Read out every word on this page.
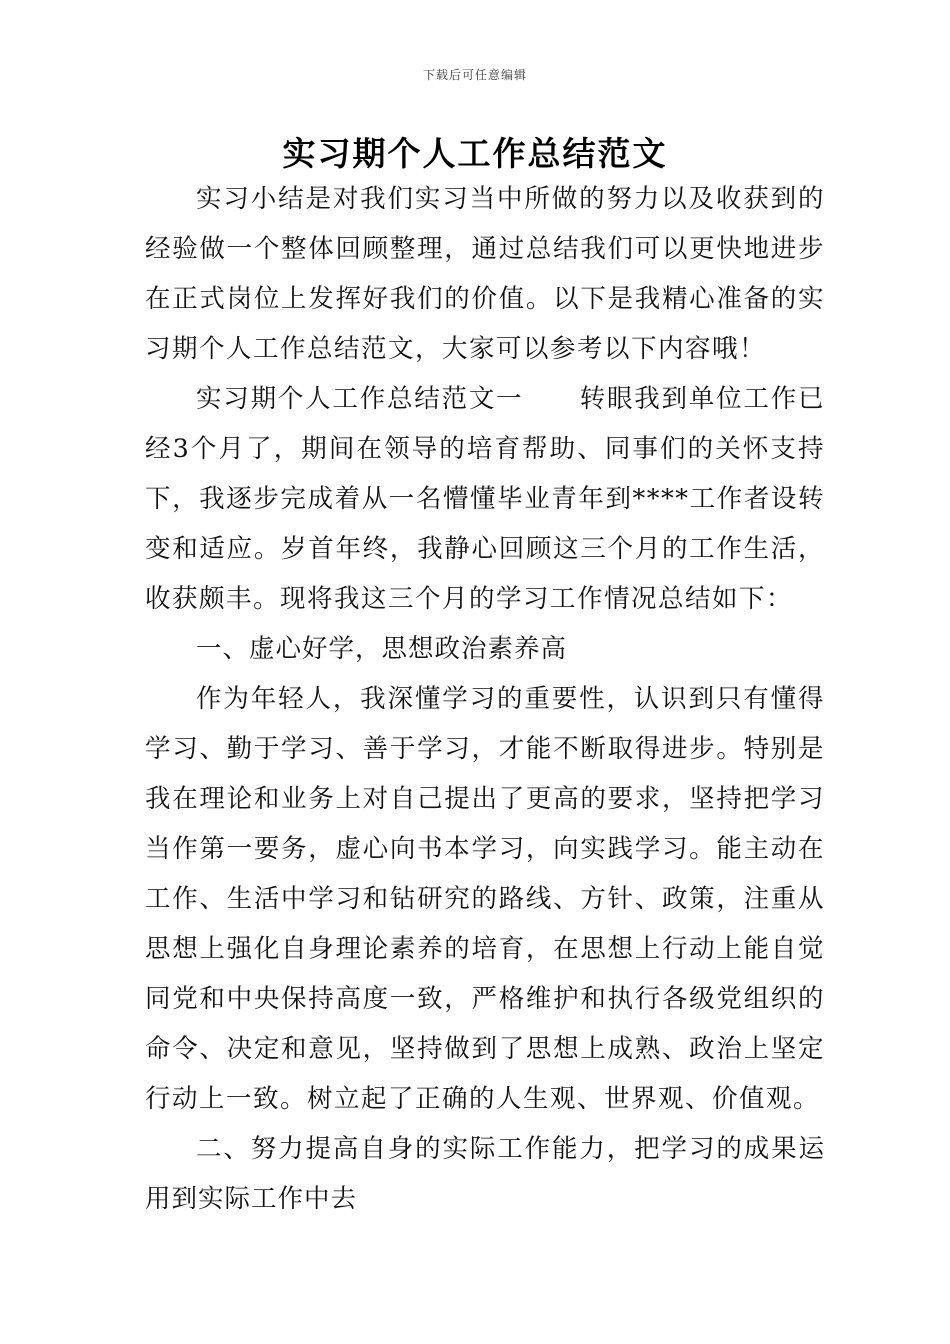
下载后可任意编辑
实习期个人工作总结范文

实习小结是对我们实习当中所做的努力以及收获到的经验做一个整体回顾整理，通过总结我们可以更快地进步在正式岗位上发挥好我们的价值。以下是我精心准备的实习期个人工作总结范文，大家可以参考以下内容哦！

实习期个人工作总结范文一 转眼我到单位工作已经3个月了，期间在领导的培育帮助、同事们的关怀支持下，我逐步完成着从一名懵懂毕业青年到****工作者设转变和适应。岁首年终，我静心回顾这三个月的工作生活，收获颇丰。现将我这三个月的学习工作情况总结如下：

一、虚心好学，思想政治素养高

作为年轻人，我深懂学习的重要性，认识到只有懂得学习、勤于学习、善于学习，才能不断取得进步。特别是我在理论和业务上对自己提出了更高的要求，坚持把学习当作第一要务，虚心向书本学习，向实践学习。能主动在工作、生活中学习和钻研究的路线、方针、政策，注重从思想上强化自身理论素养的培育，在思想上行动上能自觉同党和中央保持高度一致，严格维护和执行各级党组织的命令、决定和意见，坚持做到了思想上成熟、政治上坚定行动上一致。树立起了正确的人生观、世界观、价值观。

二、努力提高自身的实际工作能力，把学习的成果运用到实际工作中去
